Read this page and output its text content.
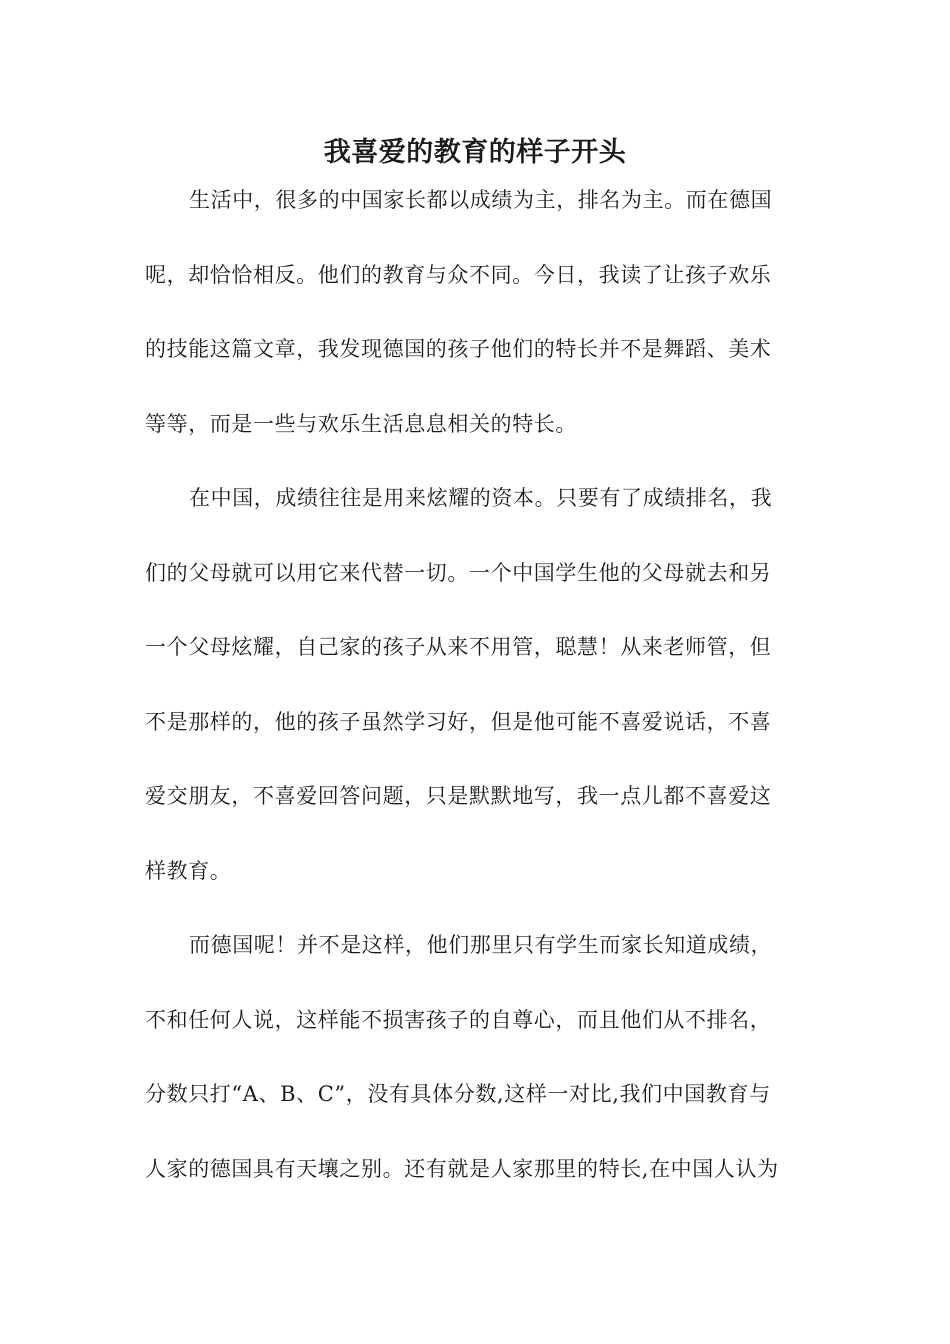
我喜爱的教育的样子开头
生活中，很多的中国家长都以成绩为主，排名为主。而在德国
呢，却恰恰相反。他们的教育与众不同。今日，我读了让孩子欢乐
的技能这篇文章，我发现德国的孩子他们的特长并不是舞蹈、美术
等等，而是一些与欢乐生活息息相关的特长。
在中国，成绩往往是用来炫耀的资本。只要有了成绩排名，我
们的父母就可以用它来代替一切。一个中国学生他的父母就去和另
一个父母炫耀，自己家的孩子从来不用管，聪慧！从来老师管，但
不是那样的，他的孩子虽然学习好，但是他可能不喜爱说话，不喜
爱交朋友，不喜爱回答问题，只是默默地写，我一点儿都不喜爱这
样教育。
而德国呢！并不是这样，他们那里只有学生而家长知道成绩，
不和任何人说，这样能不损害孩子的自尊心，而且他们从不排名，
分数只打“A、B、C”，没有具体分数,这样一对比,我们中国教育与
人家的德国具有天壤之别。还有就是人家那里的特长,在中国人认为
